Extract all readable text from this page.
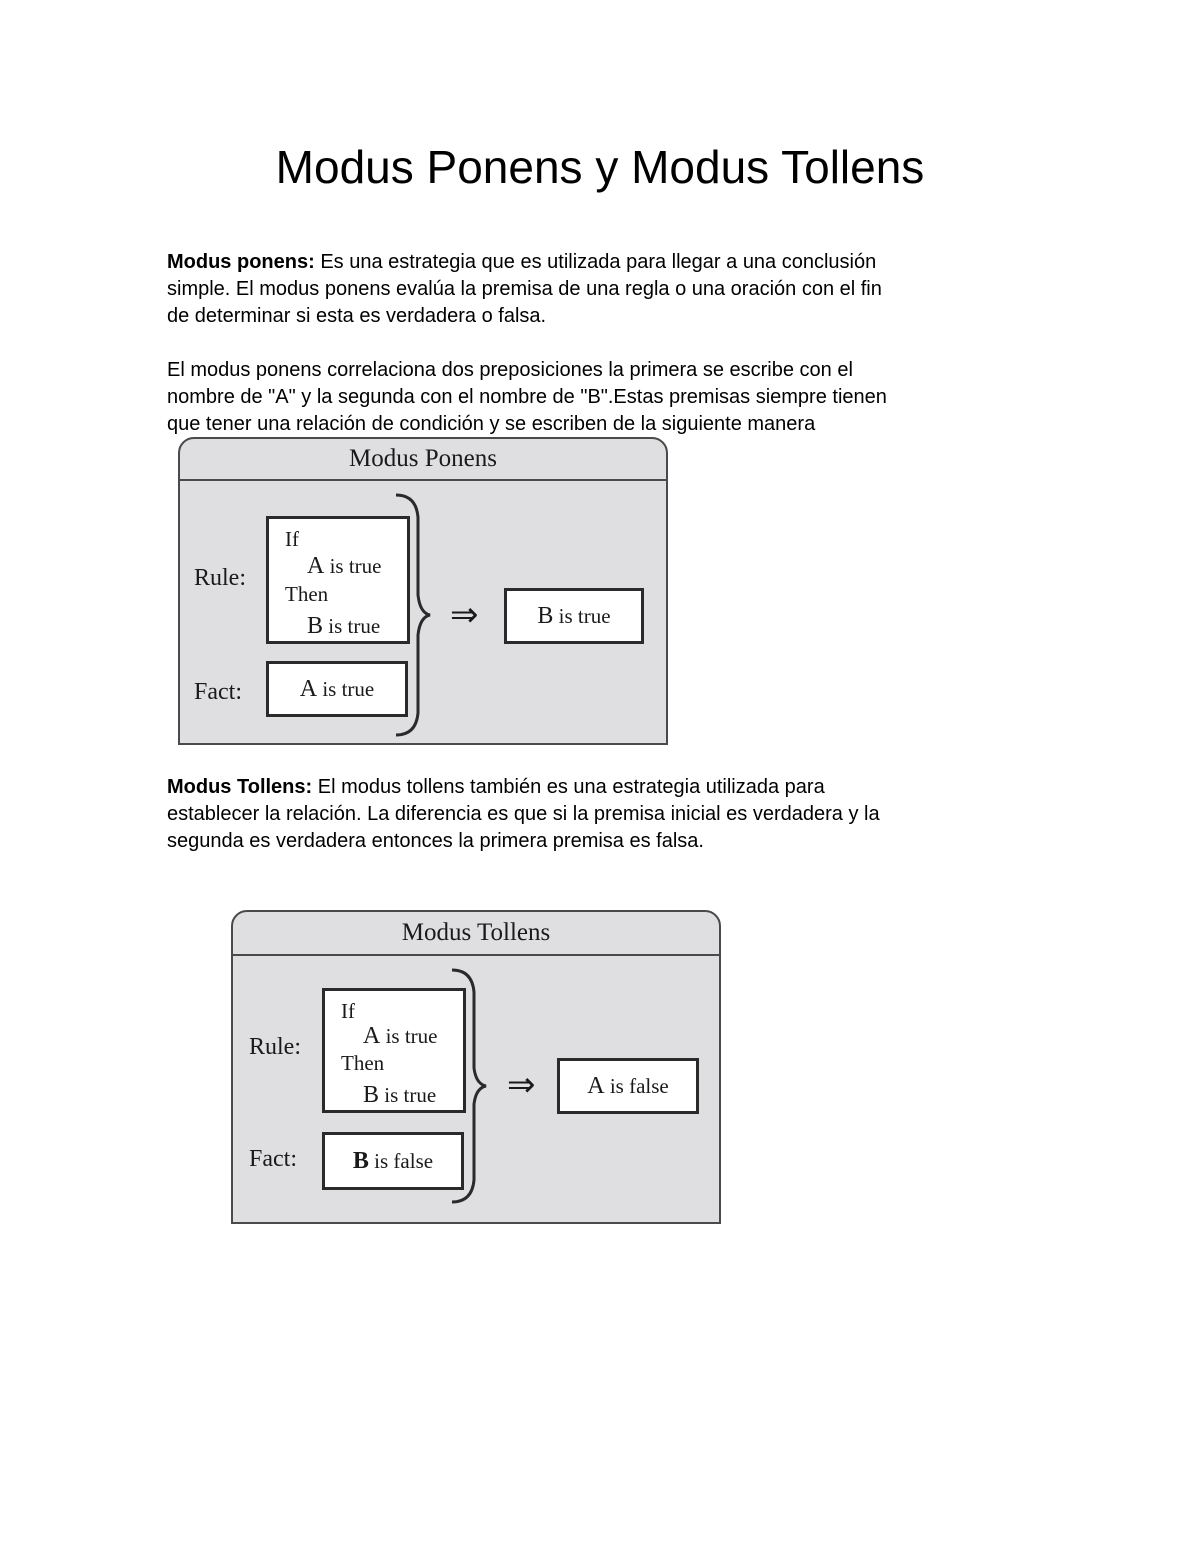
Modus Ponens y Modus Tollens

Modus ponens: Es una estrategia que es utilizada para llegar a una conclusión
simple. El modus ponens evalúa la premisa de una regla o una oración con el fin
de determinar si esta es verdadera o falsa.

El modus ponens correlaciona dos preposiciones la primera se escribe con el
nombre de "A" y la segunda con el nombre de "B".Estas premisas siempre tienen
que tener una relación de condición y se escriben de la siguiente manera

Modus Ponens
Rule:
Fact:
If
A is true
Then
B is true
A is true
⇒ B is true

Modus Tollens: El modus tollens también es una estrategia utilizada para
establecer la relación. La diferencia es que si la premisa inicial es verdadera y la
segunda es verdadera entonces la primera premisa es falsa.

Modus Tollens
Rule:
Fact:
If
A is true
Then
B is true
B is false
⇒ A is false
